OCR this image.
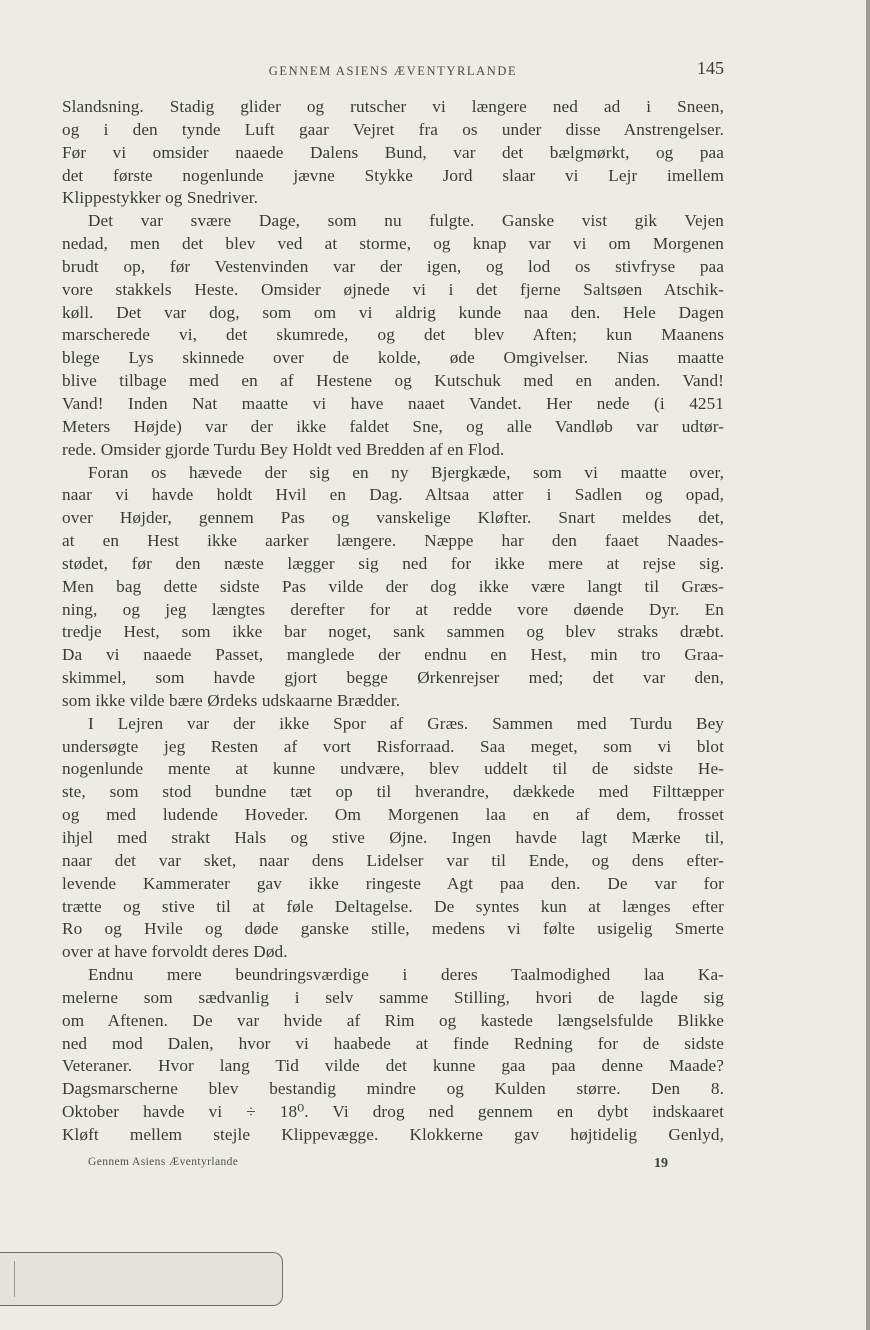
GENNEM ASIENS ÆVENTYRLANDE	145
Slandsning. Stadig glider og rutscher vi længere ned ad i Sneen,
og i den tynde Luft gaar Vejret fra os under disse Anstrengelser.
Før vi omsider naaede Dalens Bund, var det bælgmørkt, og paa
det første nogenlunde jævne Stykke Jord slaar vi Lejr imellem
Klippestykker og Snedriver.
Det var svære Dage, som nu fulgte. Ganske vist gik Vejen
nedad, men det blev ved at storme, og knap var vi om Morgenen
brudt op, før Vestenvinden var der igen, og lod os stivfryse paa
vore stakkels Heste. Omsider øjnede vi i det fjerne Saltsøen Atschik-
køll. Det var dog, som om vi aldrig kunde naa den. Hele Dagen
marscherede vi, det skumrede, og det blev Aften; kun Maanens
blege Lys skinnede over de kolde, øde Omgivelser. Nias maatte
blive tilbage med en af Hestene og Kutschuk med en anden. Vand!
Vand! Inden Nat maatte vi have naaet Vandet. Her nede (i 4251
Meters Højde) var der ikke faldet Sne, og alle Vandløb var udtør-
rede. Omsider gjorde Turdu Bey Holdt ved Bredden af en Flod.
Foran os hævede der sig en ny Bjergkæde, som vi maatte over,
naar vi havde holdt Hvil en Dag. Altsaa atter i Sadlen og opad,
over Højder, gennem Pas og vanskelige Kløfter. Snart meldes det,
at en Hest ikke aarker længere. Næppe har den faaet Naades-
stødet, før den næste lægger sig ned for ikke mere at rejse sig.
Men bag dette sidste Pas vilde der dog ikke være langt til Græs-
ning, og jeg længtes derefter for at redde vore døende Dyr. En
tredje Hest, som ikke bar noget, sank sammen og blev straks dræbt.
Da vi naaede Passet, manglede der endnu en Hest, min tro Graa-
skimmel, som havde gjort begge Ørkenrejser med; det var den,
som ikke vilde bære Ørdeks udskaarne Brædder.
I Lejren var der ikke Spor af Græs. Sammen med Turdu Bey
undersøgte jeg Resten af vort Risforraad. Saa meget, som vi blot
nogenlunde mente at kunne undvære, blev uddelt til de sidste He-
ste, som stod bundne tæt op til hverandre, dækkede med Filttæpper
og med ludende Hoveder. Om Morgenen laa en af dem, frosset
ihjel med strakt Hals og stive Øjne. Ingen havde lagt Mærke til,
naar det var sket, naar dens Lidelser var til Ende, og dens efter-
levende Kammerater gav ikke ringeste Agt paa den. De var for
trætte og stive til at føle Deltagelse. De syntes kun at længes efter
Ro og Hvile og døde ganske stille, medens vi følte usigelig Smerte
over at have forvoldt deres Død.
Endnu mere beundringsværdige i deres Taalmodighed laa Ka-
melerne som sædvanlig i selv samme Stilling, hvori de lagde sig
om Aftenen. De var hvide af Rim og kastede længselsfulde Blikke
ned mod Dalen, hvor vi haabede at finde Redning for de sidste
Veteraner. Hvor lang Tid vilde det kunne gaa paa denne Maade?
Dagsmarscherne blev bestandig mindre og Kulden større. Den 8.
Oktober havde vi ÷ 18⁰. Vi drog ned gennem en dybt indskaaret
Kløft mellem stejle Klippevægge. Klokkerne gav højtidelig Genlyd,
Gennem Asiens Æventyrlande	19
